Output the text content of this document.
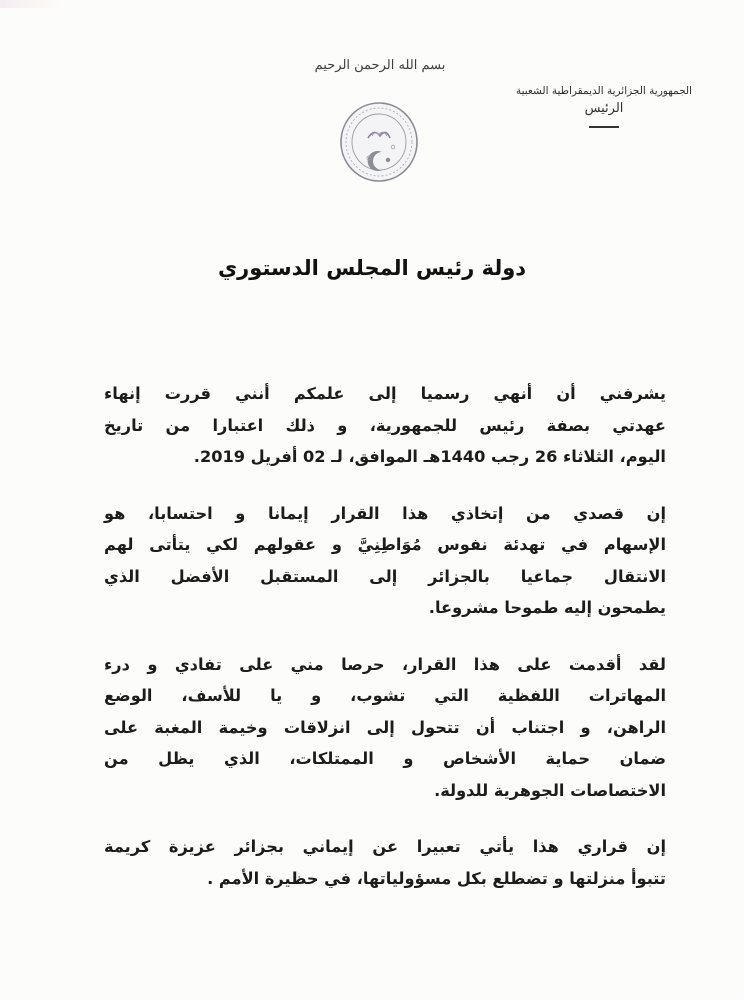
بسم الله الرحمن الرحيم
الجمهورية الجزائرية الديمقراطية الشعبية
الرئيس
دولة رئيس المجلس الدستوري

يشرفني أن أنهي رسميا إلى علمكم أنني قررت إنهاء
عهدتي بصفة رئيس للجمهورية، و ذلك اعتبارا من تاريخ
اليوم، الثلاثاء 26 رجب 1440هـ الموافق، لـ 02 أفريل 2019.

إن قصدي من إتخاذي هذا القرار إيمانا و احتسابا، هو
الإسهام في تهدئة نفوس مُوَاطِنِيَّ و عقولهم لكي يتأتى لهم
الانتقال جماعيا بالجزائر إلى المستقبل الأفضل الذي
يطمحون إليه طموحا مشروعا.

لقد أقدمت على هذا القرار، حرصا مني على تفادي و درء
المهاترات اللفظية التي تشوب، و يا للأسف، الوضع
الراهن، و اجتناب أن تتحول إلى انزلاقات وخيمة المغبة على
ضمان حماية الأشخاص و الممتلكات، الذي يظل من
الاختصاصات الجوهرية للدولة.

إن قراري هذا يأتي تعبيرا عن إيماني بجزائر عزيزة كريمة
تتبوأ منزلتها و تضطلع بكل مسؤولياتها، في حظيرة الأمم .
